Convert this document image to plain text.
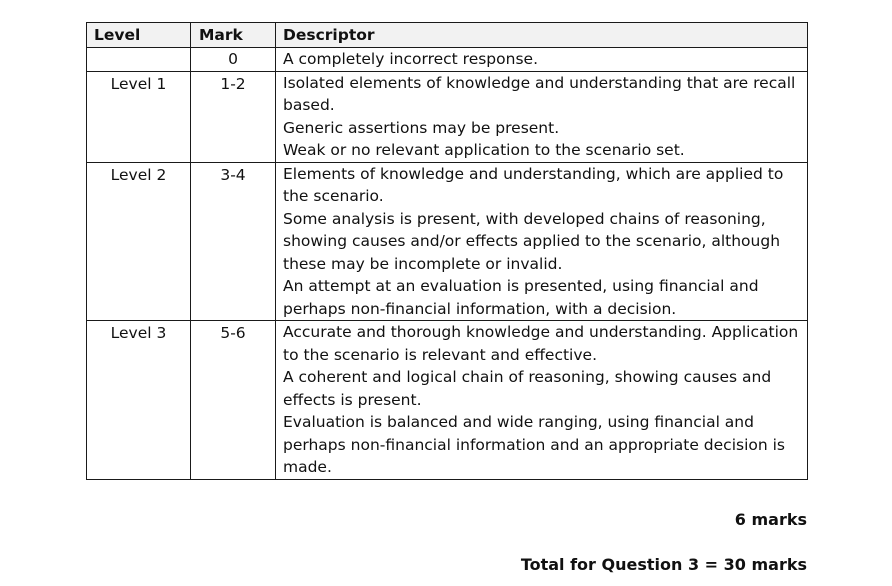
Level	Mark	Descriptor
	0	A completely incorrect response.

Level 1	1-2	Isolated elements of knowledge and understanding that are recall based.
Generic assertions may be present.
Weak or no relevant application to the scenario set.

Level 2	3-4	Elements of knowledge and understanding, which are applied to the scenario.
Some analysis is present, with developed chains of reasoning, showing causes and/or effects applied to the scenario, although these may be incomplete or invalid.
An attempt at an evaluation is presented, using financial and perhaps non-financial information, with a decision.

Level 3	5-6	Accurate and thorough knowledge and understanding. Application to the scenario is relevant and effective.
A coherent and logical chain of reasoning, showing causes and effects is present.
Evaluation is balanced and wide ranging, using financial and perhaps non-financial information and an appropriate decision is made.
6 marks
Total for Question 3 = 30 marks
